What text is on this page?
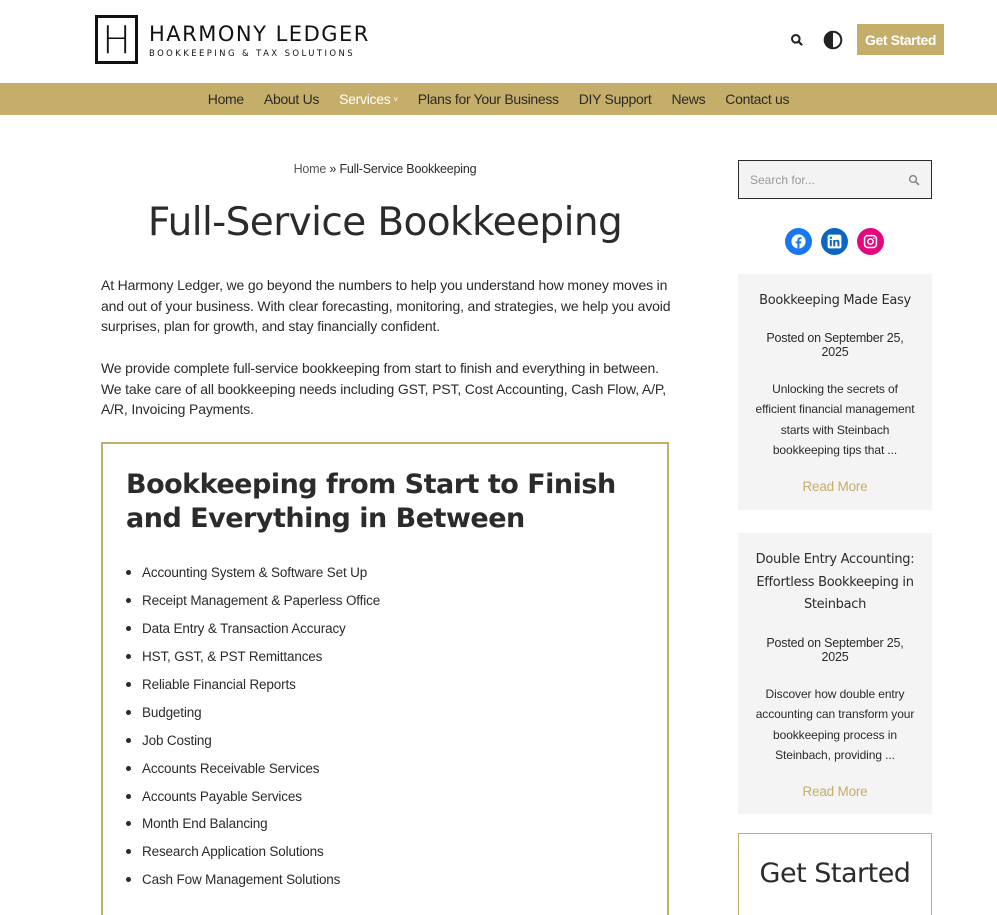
H HARMONY LEDGER
BOOKKEEPING & TAX SOLUTIONS
Get Started
Home About Us Services ˅ Plans for Your Business DIY Support News Contact us
Home » Full-Service Bookkeeping
Full-Service Bookkeeping

At Harmony Ledger, we go beyond the numbers to help you understand how money moves in and out of your business. With clear forecasting, monitoring, and strategies, we help you avoid surprises, plan for growth, and stay financially confident.

We provide complete full-service bookkeeping from start to finish and everything in between. We take care of all bookkeeping needs including GST, PST, Cost Accounting, Cash Flow, A/P, A/R, Invoicing Payments.

Bookkeeping from Start to Finish and Everything in Between
Accounting System & Software Set Up
Receipt Management & Paperless Office
Data Entry & Transaction Accuracy
HST, GST, & PST Remittances
Reliable Financial Reports
Budgeting
Job Costing
Accounts Receivable Services
Accounts Payable Services
Month End Balancing
Research Application Solutions
Cash Fow Management Solutions
Search for...
Bookkeeping Made Easy
Posted on September 25, 2025
Unlocking the secrets of efficient financial management starts with Steinbach bookkeeping tips that ...
Read More
Double Entry Accounting: Effortless Bookkeeping in Steinbach
Posted on September 25, 2025
Discover how double entry accounting can transform your bookkeeping process in Steinbach, providing ...
Read More
Get Started
